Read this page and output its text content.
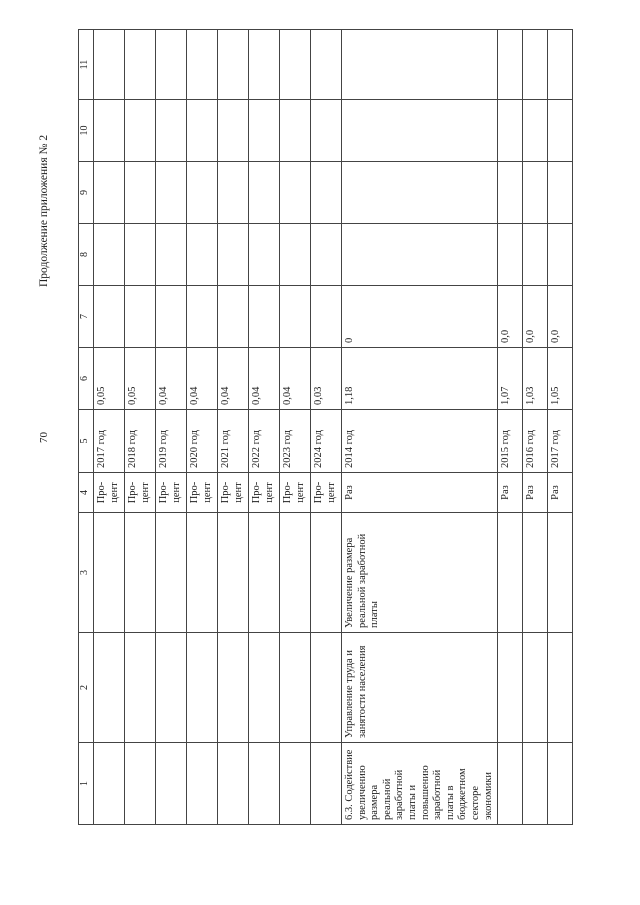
70
Продолжение приложения № 2
1	2	3	4	5	6	7	8	9	10	11
			Про-цент	2017 год	0,05					
			Про-цент	2018 год	0,05					
			Про-цент	2019 год	0,04					
			Про-цент	2020 год	0,04					
			Про-цент	2021 год	0,04					
			Про-цент	2022 год	0,04					
			Про-цент	2023 год	0,04					
			Про-цент	2024 год	0,03					
6.3. Содействие увеличению размера реальной заработной платы и повышению заработной платы в бюджетном секторе экономики	Управление труда и занятости населения	Увеличение размера реальной заработной платы	Раз	2014 год	1,18	0				
			Раз	2015 год	1,07	0,0				
			Раз	2016 год	1,03	0,0				
			Раз	2017 год	1,05	0,0				
